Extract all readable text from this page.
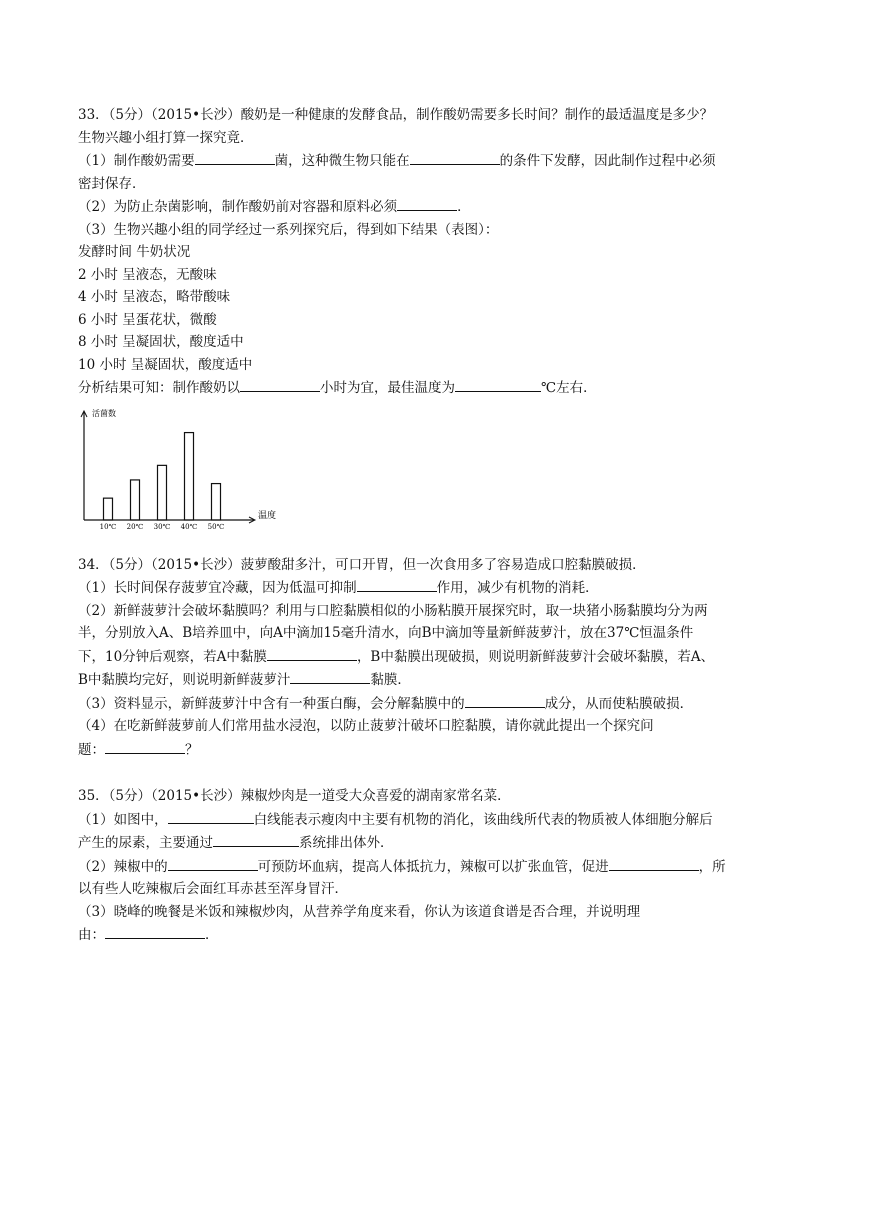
33．（5分）（2015•长沙）酸奶是一种健康的发酵食品，制作酸奶需要多长时间？制作的最适温度是多少？
生物兴趣小组打算一探究竟．
（1）制作酸奶需要	菌，这种微生物只能在	的条件下发酵，因此制作过程中必须
密封保存．
（2）为防止杂菌影响，制作酸奶前对容器和原料必须	．
（3）生物兴趣小组的同学经过一系列探究后，得到如下结果（表图）：
发酵时间 牛奶状况
2 小时 呈液态，无酸味
4 小时 呈液态，略带酸味
6 小时 呈蛋花状，微酸
8 小时 呈凝固状，酸度适中
10 小时 呈凝固状，酸度适中
分析结果可知：制作酸奶以	小时为宜，最佳温度为	℃左右．
活菌数
温度
10℃ 20℃ 30℃ 40℃ 50℃
34．（5分）（2015•长沙）菠萝酸甜多汁，可口开胃，但一次食用多了容易造成口腔黏膜破损．
（1）长时间保存菠萝宜冷藏，因为低温可抑制	作用，减少有机物的消耗．
（2）新鲜菠萝汁会破坏黏膜吗？利用与口腔黏膜相似的小肠粘膜开展探究时，取一块猪小肠黏膜均分为两
半，分别放入A、B培养皿中，向A中滴加15毫升清水，向B中滴加等量新鲜菠萝汁，放在37℃恒温条件
下，10分钟后观察，若A中黏膜	，B中黏膜出现破损，则说明新鲜菠萝汁会破坏黏膜，若A、
B中黏膜均完好，则说明新鲜菠萝汁	黏膜．
（3）资料显示，新鲜菠萝汁中含有一种蛋白酶，会分解黏膜中的	成分，从而使粘膜破损．
（4）在吃新鲜菠萝前人们常用盐水浸泡，以防止菠萝汁破坏口腔黏膜，请你就此提出一个探究问
题：	？
35．（5分）（2015•长沙）辣椒炒肉是一道受大众喜爱的湖南家常名菜．
（1）如图中，	白线能表示瘦肉中主要有机物的消化，该曲线所代表的物质被人体细胞分解后
产生的尿素，主要通过	系统排出体外．
（2）辣椒中的	可预防坏血病，提高人体抵抗力，辣椒可以扩张血管，促进	，所
以有些人吃辣椒后会面红耳赤甚至浑身冒汗．
（3）晓峰的晚餐是米饭和辣椒炒肉，从营养学角度来看，你认为该道食谱是否合理，并说明理
由：	．
